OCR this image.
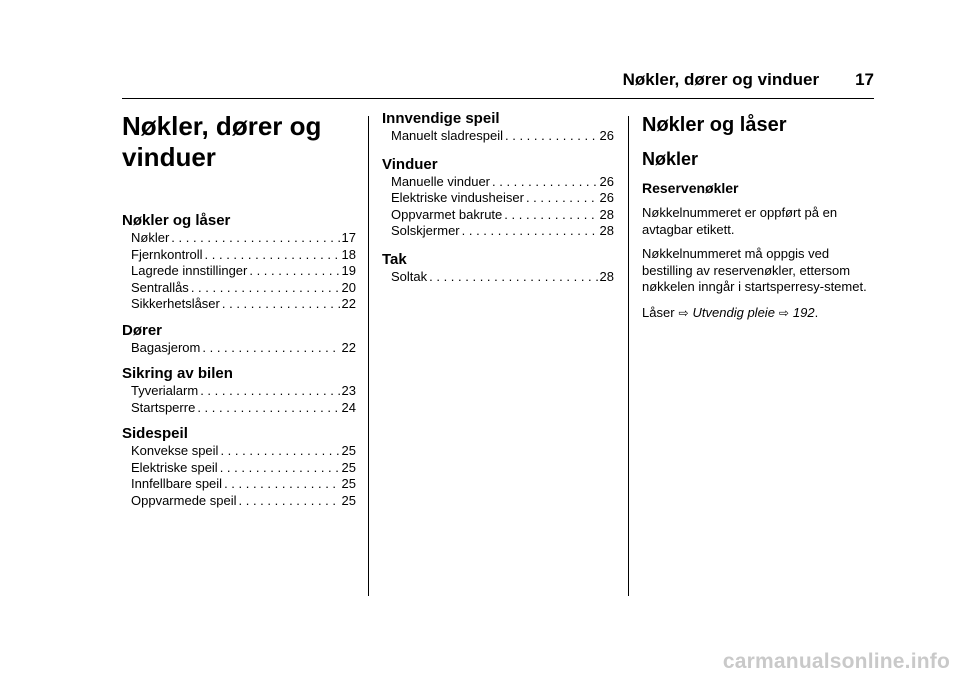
Nøkler, dører og vinduer 17
Nøkler, dører og
vinduer
Nøkler og låser
Nøkler . . .	17
Fjernkontroll . . .	18
Lagrede innstillinger . . .	19
Sentrallås . . .	20
Sikkerhetslåser . . .	22
Dører
Bagasjerom . . .	22
Sikring av bilen
Tyverialarm . . .	23
Startsperre . . .	24
Sidespeil
Konvekse speil . . .	25
Elektriske speil . . .	25
Innfellbare speil . . .	25
Oppvarmede speil . . .	25
Innvendige speil
Manuelt sladrespeil . . .	26
Vinduer
Manuelle vinduer . . .	26
Elektriske vindusheiser . . .	26
Oppvarmet bakrute . . .	28
Solskjermer . . .	28
Tak
Soltak . . .	28
Nøkler og låser
Nøkler
Reservenøkler

Nøkkelnummeret er oppført på en avtagbar etikett.

Nøkkelnummeret må oppgis ved bestilling av reservenøkler, ettersom nøkkelen inngår i startsperresy-stemet.

Låser ⇨ Utvendig pleie ⇨ 192.

carmanualsonline.info
